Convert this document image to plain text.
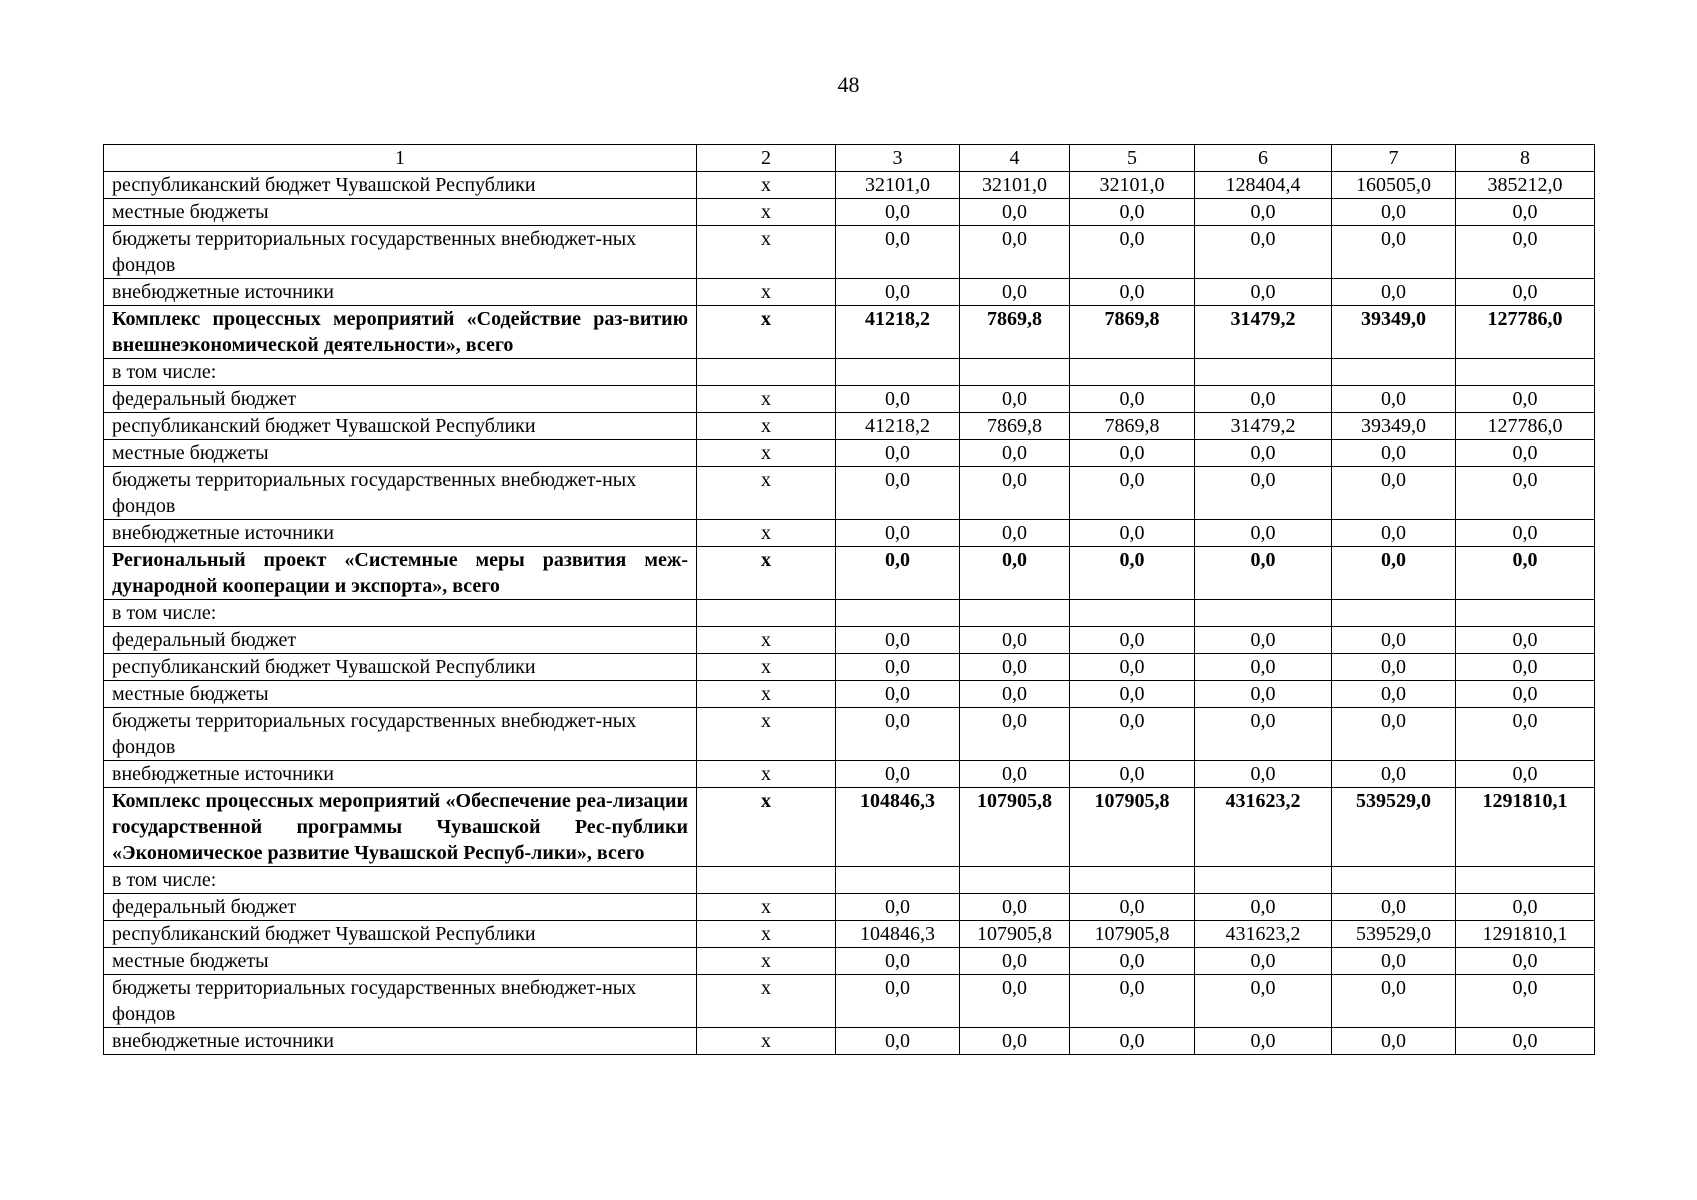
48
1	2	3	4	5	6	7	8
республиканский бюджет Чувашской Республики	х	32101,0	32101,0	32101,0	128404,4	160505,0	385212,0
местные бюджеты	х	0,0	0,0	0,0	0,0	0,0	0,0
бюджеты территориальных государственных внебюджет-ных фондов	х	0,0	0,0	0,0	0,0	0,0	0,0
внебюджетные источники	х	0,0	0,0	0,0	0,0	0,0	0,0
Комплекс процессных мероприятий «Содействие раз-витию внешнеэкономической деятельности», всего	х	41218,2	7869,8	7869,8	31479,2	39349,0	127786,0
в том числе:							
федеральный бюджет	х	0,0	0,0	0,0	0,0	0,0	0,0
республиканский бюджет Чувашской Республики	х	41218,2	7869,8	7869,8	31479,2	39349,0	127786,0
местные бюджеты	х	0,0	0,0	0,0	0,0	0,0	0,0
бюджеты территориальных государственных внебюджет-ных фондов	х	0,0	0,0	0,0	0,0	0,0	0,0
внебюджетные источники	х	0,0	0,0	0,0	0,0	0,0	0,0
Региональный проект «Системные меры развития меж-дународной кооперации и экспорта», всего	х	0,0	0,0	0,0	0,0	0,0	0,0
в том числе:							
федеральный бюджет	х	0,0	0,0	0,0	0,0	0,0	0,0
республиканский бюджет Чувашской Республики	х	0,0	0,0	0,0	0,0	0,0	0,0
местные бюджеты	х	0,0	0,0	0,0	0,0	0,0	0,0
бюджеты территориальных государственных внебюджет-ных фондов	х	0,0	0,0	0,0	0,0	0,0	0,0
внебюджетные источники	х	0,0	0,0	0,0	0,0	0,0	0,0
Комплекс процессных мероприятий «Обеспечение реа-лизации государственной программы Чувашской Рес-публики «Экономическое развитие Чувашской Респуб-лики», всего	х	104846,3	107905,8	107905,8	431623,2	539529,0	1291810,1
в том числе:							
федеральный бюджет	х	0,0	0,0	0,0	0,0	0,0	0,0
республиканский бюджет Чувашской Республики	х	104846,3	107905,8	107905,8	431623,2	539529,0	1291810,1
местные бюджеты	х	0,0	0,0	0,0	0,0	0,0	0,0
бюджеты территориальных государственных внебюджет-ных фондов	х	0,0	0,0	0,0	0,0	0,0	0,0
внебюджетные источники	х	0,0	0,0	0,0	0,0	0,0	0,0
